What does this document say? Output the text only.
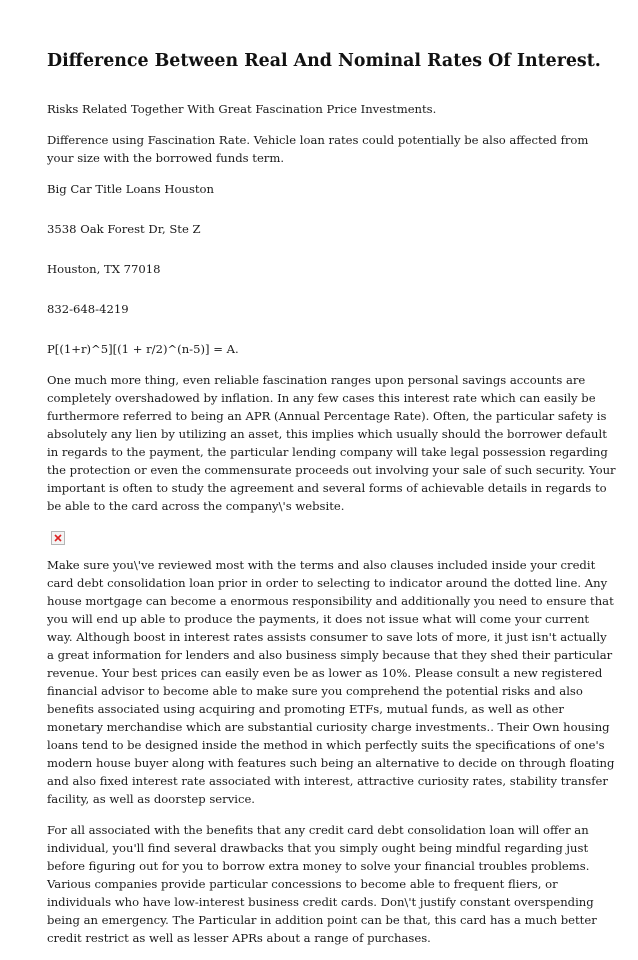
Difference Between Real And Nominal Rates Of Interest.

Risks Related Together With Great Fascination Price Investments.

Difference using Fascination Rate. Vehicle loan rates could potentially be also affected from your size with the borrowed funds term.

Big Car Title Loans Houston

3538 Oak Forest Dr, Ste Z

Houston, TX 77018

832-648-4219

P[(1+r)^5][(1 + r/2)^(n-5)] = A.

One much more thing, even reliable fascination ranges upon personal savings accounts are completely overshadowed by inflation. In any few cases this interest rate which can easily be furthermore referred to being an APR (Annual Percentage Rate). Often, the particular safety is absolutely any lien by utilizing an asset, this implies which usually should the borrower default in regards to the payment, the particular lending company will take legal possession regarding the protection or even the commensurate proceeds out involving your sale of such security. Your important is often to study the agreement and several forms of achievable details in regards to be able to the card across the company\'s website.

Make sure you\'ve reviewed most with the terms and also clauses included inside your credit card debt consolidation loan prior in order to selecting to indicator around the dotted line. Any house mortgage can become a enormous responsibility and additionally you need to ensure that you will end up able to produce the payments, it does not issue what will come your current way. Although boost in interest rates assists consumer to save lots of more, it just isn't actually a great information for lenders and also business simply because that they shed their particular revenue. Your best prices can easily even be as lower as 10%. Please consult a new registered financial advisor to become able to make sure you comprehend the potential risks and also benefits associated using acquiring and promoting ETFs, mutual funds, as well as other monetary merchandise which are substantial curiosity charge investments.. Their Own housing loans tend to be designed inside the method in which perfectly suits the specifications of one's modern house buyer along with features such being an alternative to decide on through floating and also fixed interest rate associated with interest, attractive curiosity rates, stability transfer facility, as well as doorstep service.

For all associated with the benefits that any credit card debt consolidation loan will offer an individual, you'll find several drawbacks that you simply ought being mindful regarding just before figuring out for you to borrow extra money to solve your financial troubles problems. Various companies provide particular concessions to become able to frequent fliers, or individuals who have low-interest business credit cards. Don\'t justify constant overspending being an emergency. The Particular in addition point can be that, this card has a much better credit restrict as well as lesser APRs about a range of purchases.
